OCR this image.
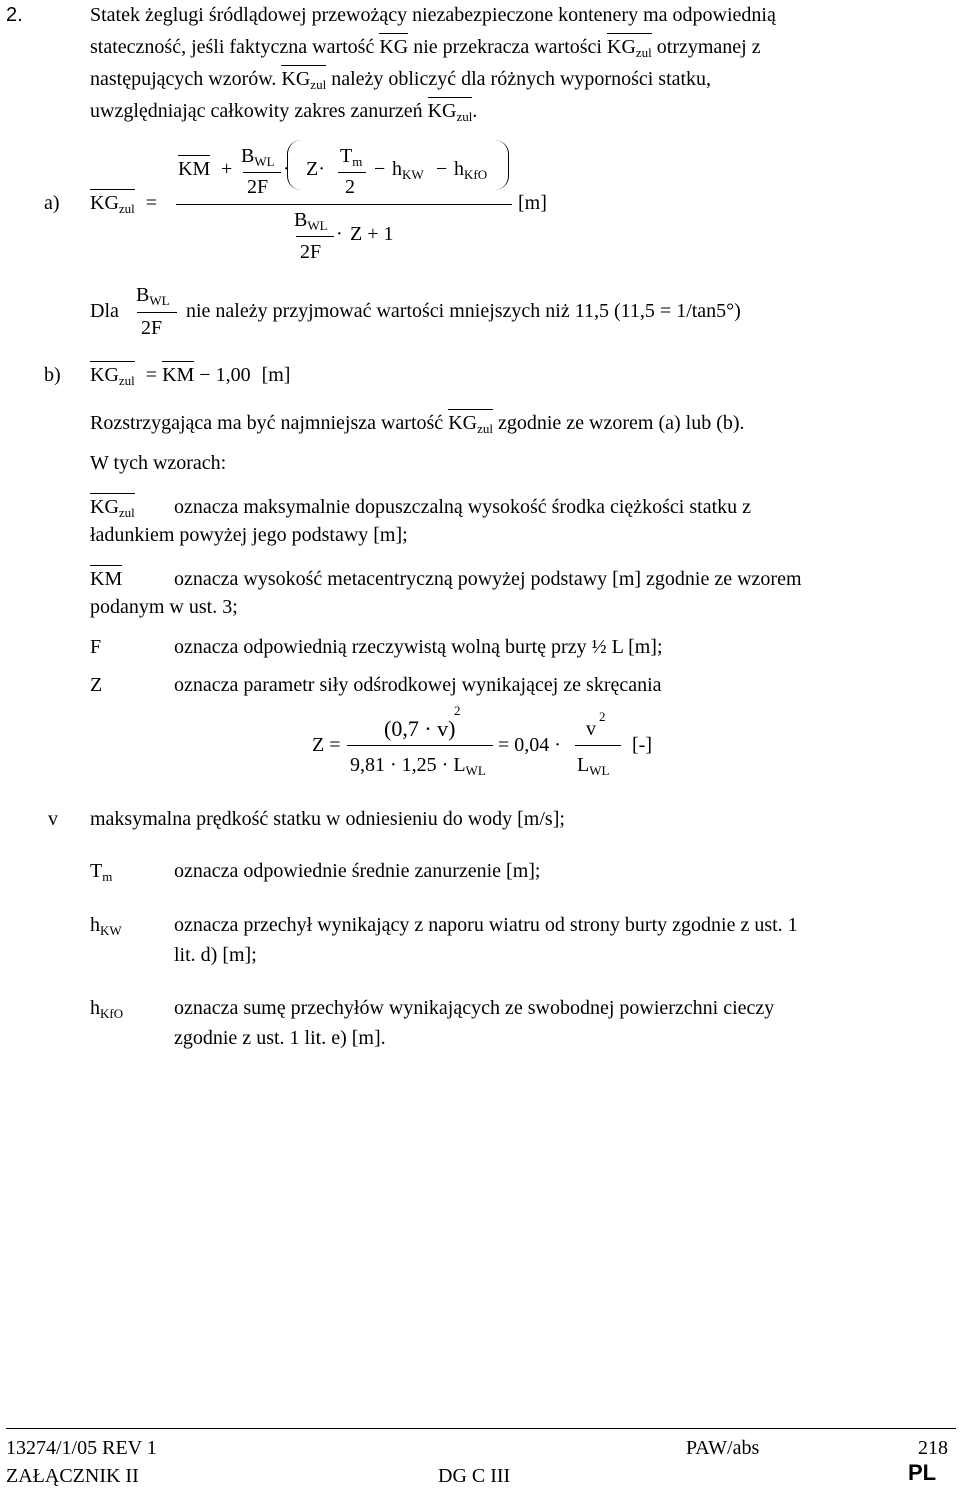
2.	Statek żeglugi śródlądowej przewożący niezabezpieczone kontenery ma odpowiednią
stateczność, jeśli faktyczna wartość KG nie przekracza wartości $KG_{zul}$ otrzymanej z
następujących wzorów. $KG_{zul}$ należy obliczyć dla różnych wyporności statku,
uwzględniając całkowity zakres zanurzeń $KG_{zul}$.
a) $KG_{zul}$ =
KM +
$B_{WL}$
2F
· Z·
$T_m$
2
− $h_{KW} - h_{KfO}$
[m]
$B_{WL}$
2F
· Z + 1
Dla
$B_{WL}$
2F
nie należy przyjmować wartości mniejszych niż 11,5 (11,5 = 1/tan5°)
b) $KG_{zul}$ = KM − 1,00 [m]
Rozstrzygająca ma być najmniejsza wartość $KG_{zul}$ zgodnie ze wzorem (a) lub (b).
W tych wzorach:
$KG_{zul}$ oznacza maksymalnie dopuszczalną wysokość środka ciężkości statku z
ładunkiem powyżej jego podstawy [m];
KM	oznacza wysokość metacentryczną powyżej podstawy [m] zgodnie ze wzorem
podanym w ust. 3;
F	oznacza odpowiednią rzeczywistą wolną burtę przy ½ L [m];
Z	oznacza parametr siły odśrodkowej wynikającej ze skręcania
Z =
(0,7 · v)
2
$9,81 \cdot 1,25 \cdot L_{WL}$
= 0,04 ·
v
2
$L_{WL}$
[-]
v maksymalna prędkość statku w odniesieniu do wody [m/s];
$T_m$	oznacza odpowiednie średnie zanurzenie [m];
$h_{KW}$	oznacza przechył wynikający z naporu wiatru od strony burty zgodnie z ust. 1
lit. d) [m];
$h_{KfO}$	oznacza sumę przechyłów wynikających ze swobodnej powierzchni cieczy
zgodnie z ust. 1 lit. e) [m].
13274/1/05 REV 1	PAW/abs	218
ZAŁĄCZNIK II	DG C III	PL
